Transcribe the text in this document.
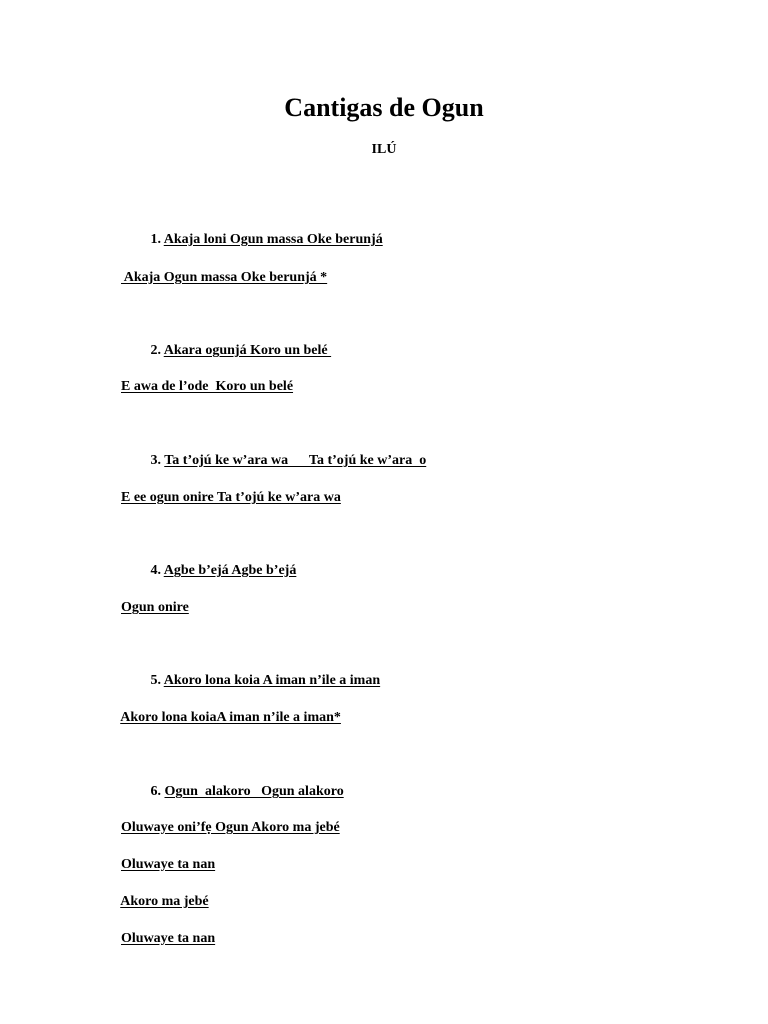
Cantigas de Ogun
ILÚ

1. Akaja loni Ogun massa Oke berunjá

Akaja Ogun massa Oke berunjá *

2. Akara ogunjá Koro un belé

E awa de l’ode  Koro un belé

3. Ta t’ojú ke w’ara wa      Ta t’ojú ke w’ara  o

E ee ogun onire Ta t’ojú ke w’ara wa

4. Agbe b’ejá Agbe b’ejá

Ogun onire

5. Akoro lona koia A iman n’ile a iman

Akoro lona koiaA iman n’ile a iman*

6. Ogun  alakoro   Ogun alakoro

Oluwaye oni’fẹ Ogun Akoro ma jebé

Oluwaye ta nan

Akoro ma jebé

Oluwaye ta nan
